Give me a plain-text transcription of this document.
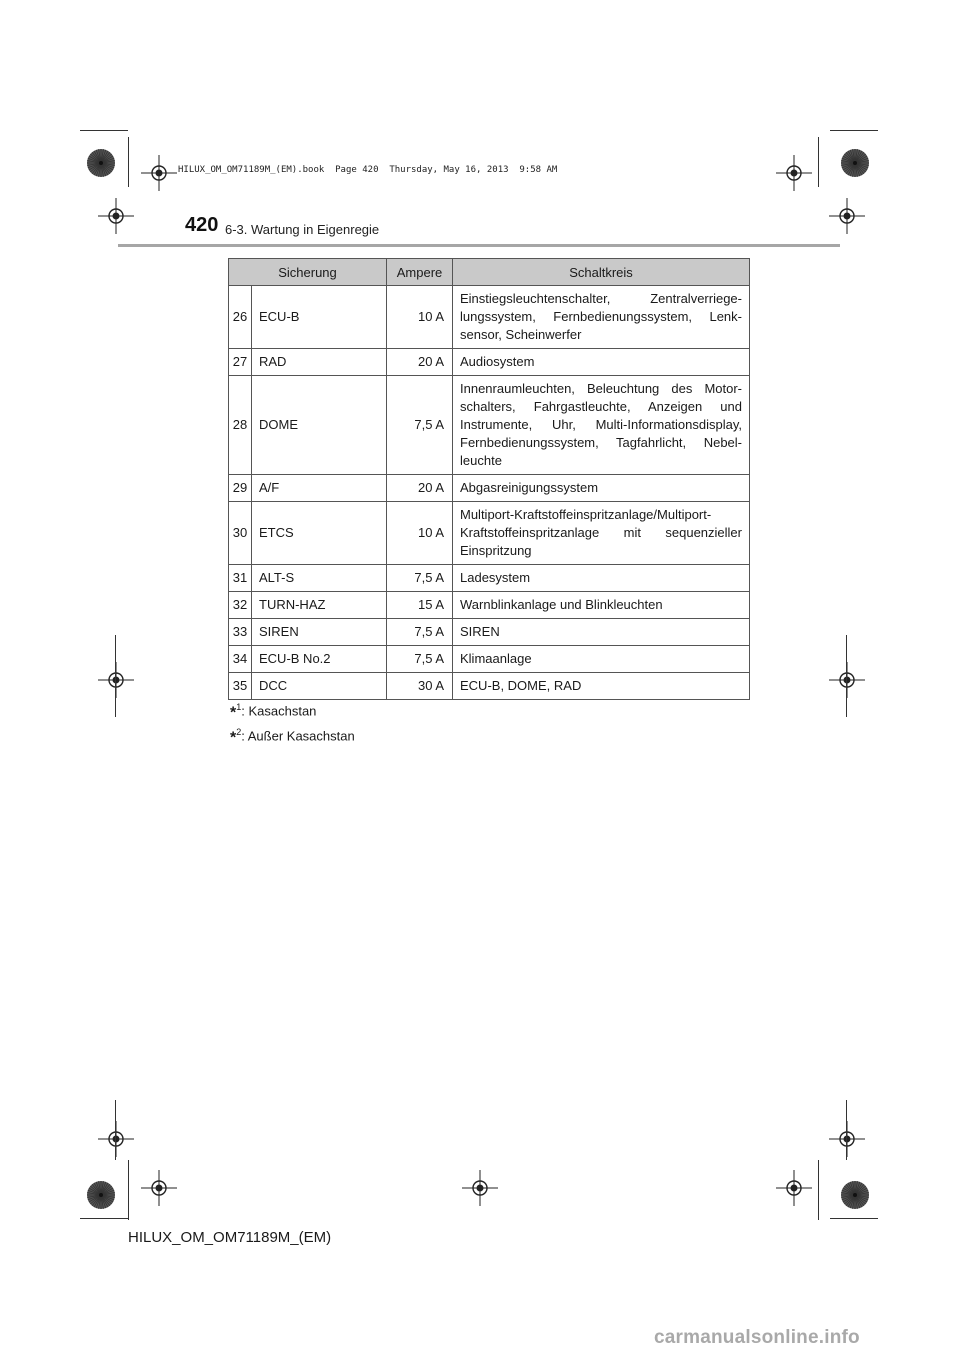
HILUX_OM_OM71189M_(EM).book  Page 420  Thursday, May 16, 2013  9:58 AM
420 6-3. Wartung in Eigenregie
Sicherung		Ampere	Schaltkreis
26	ECU-B	10 A	Einstiegsleuchtenschalter, Zentralverriege-lungssystem, Fernbedienungssystem, Lenk-sensor, Scheinwerfer
27	RAD	20 A	Audiosystem
28	DOME	7,5 A	Innenraumleuchten, Beleuchtung des Motor-schalters, Fahrgastleuchte, Anzeigen und Instrumente, Uhr, Multi-Informationsdisplay, Fernbedienungssystem, Tagfahrlicht, Nebel-leuchte
29	A/F	20 A	Abgasreinigungssystem
30	ETCS	10 A	Multiport-Kraftstoffeinspritzanlage/Multiport-Kraftstoffeinspritzanlage mit sequenzieller Einspritzung
31	ALT-S	7,5 A	Ladesystem
32	TURN-HAZ	15 A	Warnblinkanlage und Blinkleuchten
33	SIREN	7,5 A	SIREN
34	ECU-B No.2	7,5 A	Klimaanlage
35	DCC	30 A	ECU-B, DOME, RAD
*$^1$: Kasachstan
*$^2$: Außer Kasachstan
HILUX_OM_OM71189M_(EM)
carmanualsonline.info
